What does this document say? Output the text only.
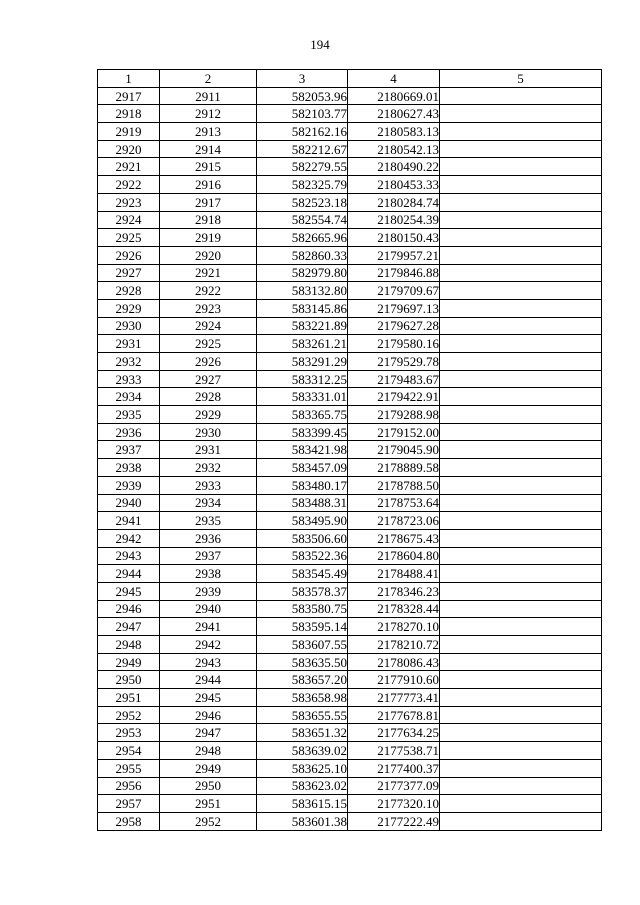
194
1	2	3	4	5
2917	2911	582053.96	2180669.01	
2918	2912	582103.77	2180627.43	
2919	2913	582162.16	2180583.13	
2920	2914	582212.67	2180542.13	
2921	2915	582279.55	2180490.22	
2922	2916	582325.79	2180453.33	
2923	2917	582523.18	2180284.74	
2924	2918	582554.74	2180254.39	
2925	2919	582665.96	2180150.43	
2926	2920	582860.33	2179957.21	
2927	2921	582979.80	2179846.88	
2928	2922	583132.80	2179709.67	
2929	2923	583145.86	2179697.13	
2930	2924	583221.89	2179627.28	
2931	2925	583261.21	2179580.16	
2932	2926	583291.29	2179529.78	
2933	2927	583312.25	2179483.67	
2934	2928	583331.01	2179422.91	
2935	2929	583365.75	2179288.98	
2936	2930	583399.45	2179152.00	
2937	2931	583421.98	2179045.90	
2938	2932	583457.09	2178889.58	
2939	2933	583480.17	2178788.50	
2940	2934	583488.31	2178753.64	
2941	2935	583495.90	2178723.06	
2942	2936	583506.60	2178675.43	
2943	2937	583522.36	2178604.80	
2944	2938	583545.49	2178488.41	
2945	2939	583578.37	2178346.23	
2946	2940	583580.75	2178328.44	
2947	2941	583595.14	2178270.10	
2948	2942	583607.55	2178210.72	
2949	2943	583635.50	2178086.43	
2950	2944	583657.20	2177910.60	
2951	2945	583658.98	2177773.41	
2952	2946	583655.55	2177678.81	
2953	2947	583651.32	2177634.25	
2954	2948	583639.02	2177538.71	
2955	2949	583625.10	2177400.37	
2956	2950	583623.02	2177377.09	
2957	2951	583615.15	2177320.10	
2958	2952	583601.38	2177222.49	
